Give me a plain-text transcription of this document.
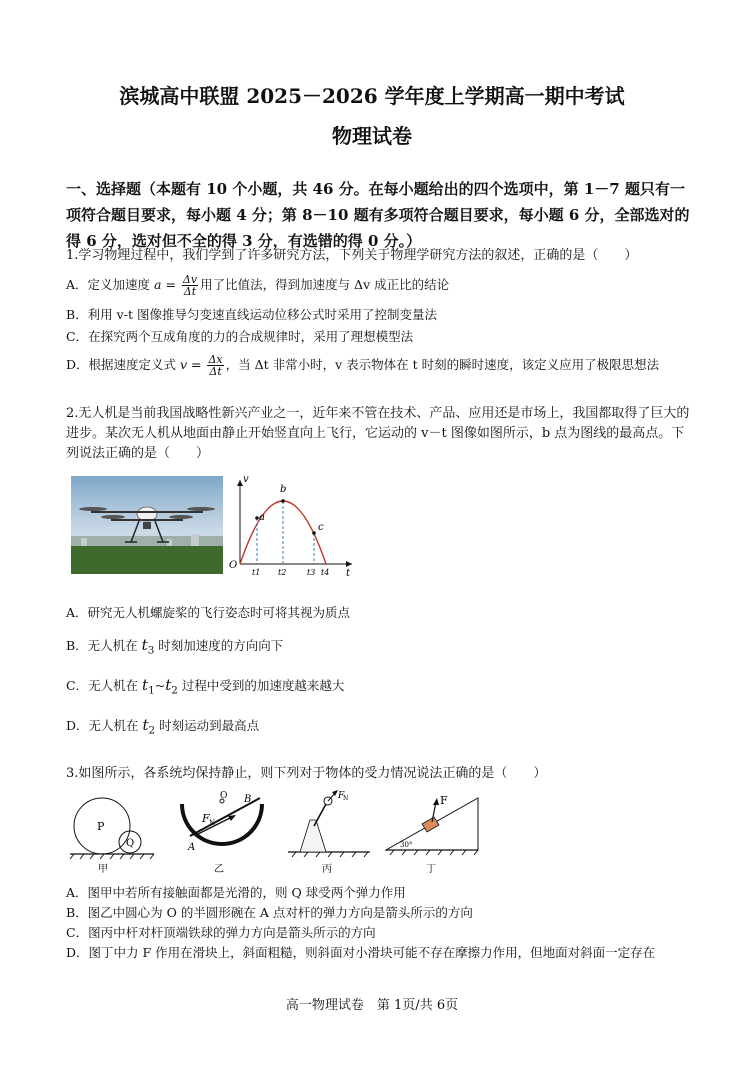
滨城高中联盟 2025－2026 学年度上学期高一期中考试
物理试卷
一、选择题（本题有 10 个小题，共 46 分。在每小题给出的四个选项中，第 1－7 题只有一项符合题目要求，每小题 4 分；第 8－10 题有多项符合题目要求，每小题 6 分，全部选对的得 6 分，选对但不全的得 3 分，有选错的得 0 分。）
1.学习物理过程中，我们学到了许多研究方法，下列关于物理学研究方法的叙述，正确的是（　　）
A．定义加速度 $a = \frac{\Delta v}{\Delta t}$ 用了比值法，得到加速度与 Δv 成正比的结论
B．利用 v-t 图像推导匀变速直线运动位移公式时采用了控制变量法
C．在探究两个互成角度的力的合成规律时，采用了理想模型法
D．根据速度定义式 $v = \frac{\Delta x}{\Delta t}$ ，当 Δt 非常小时，v 表示物体在 t 时刻的瞬时速度，该定义应用了极限思想法
2.无人机是当前我国战略性新兴产业之一，近年来不管在技术、产品、应用还是市场上，我国都取得了巨大的进步。某次无人机从地面由静止开始竖直向上飞行，它运动的 v－t 图像如图所示，b 点为图线的最高点。下列说法正确的是（　　）
a
b
c
v
t
O
t1 t2	t3 t4
A．研究无人机螺旋桨的飞行姿态时可将其视为质点
B．无人机在 $t_3$ 时刻加速度的方向向下
C．无人机在 $t_1\sim t_2$ 过程中受到的加速度越来越大
D．无人机在 $t_2$ 时刻运动到最高点
3.如图所示，各系统均保持静止，则下列对于物体的受力情况说法正确的是（　　）
P
Q
甲
O B
A
F N
乙
F
N
丙
F
30°
丁
A．图甲中若所有接触面都是光滑的，则 Q 球受两个弹力作用
B．图乙中圆心为 O 的半圆形碗在 A 点对杆的弹力方向是箭头所示的方向
C．图丙中杆对杆顶端铁球的弹力方向是箭头所示的方向
D．图丁中力 F 作用在滑块上，斜面粗糙，则斜面对小滑块可能不存在摩擦力作用，但地面对斜面一定存在
高一物理试卷　第 1页/共 6页
